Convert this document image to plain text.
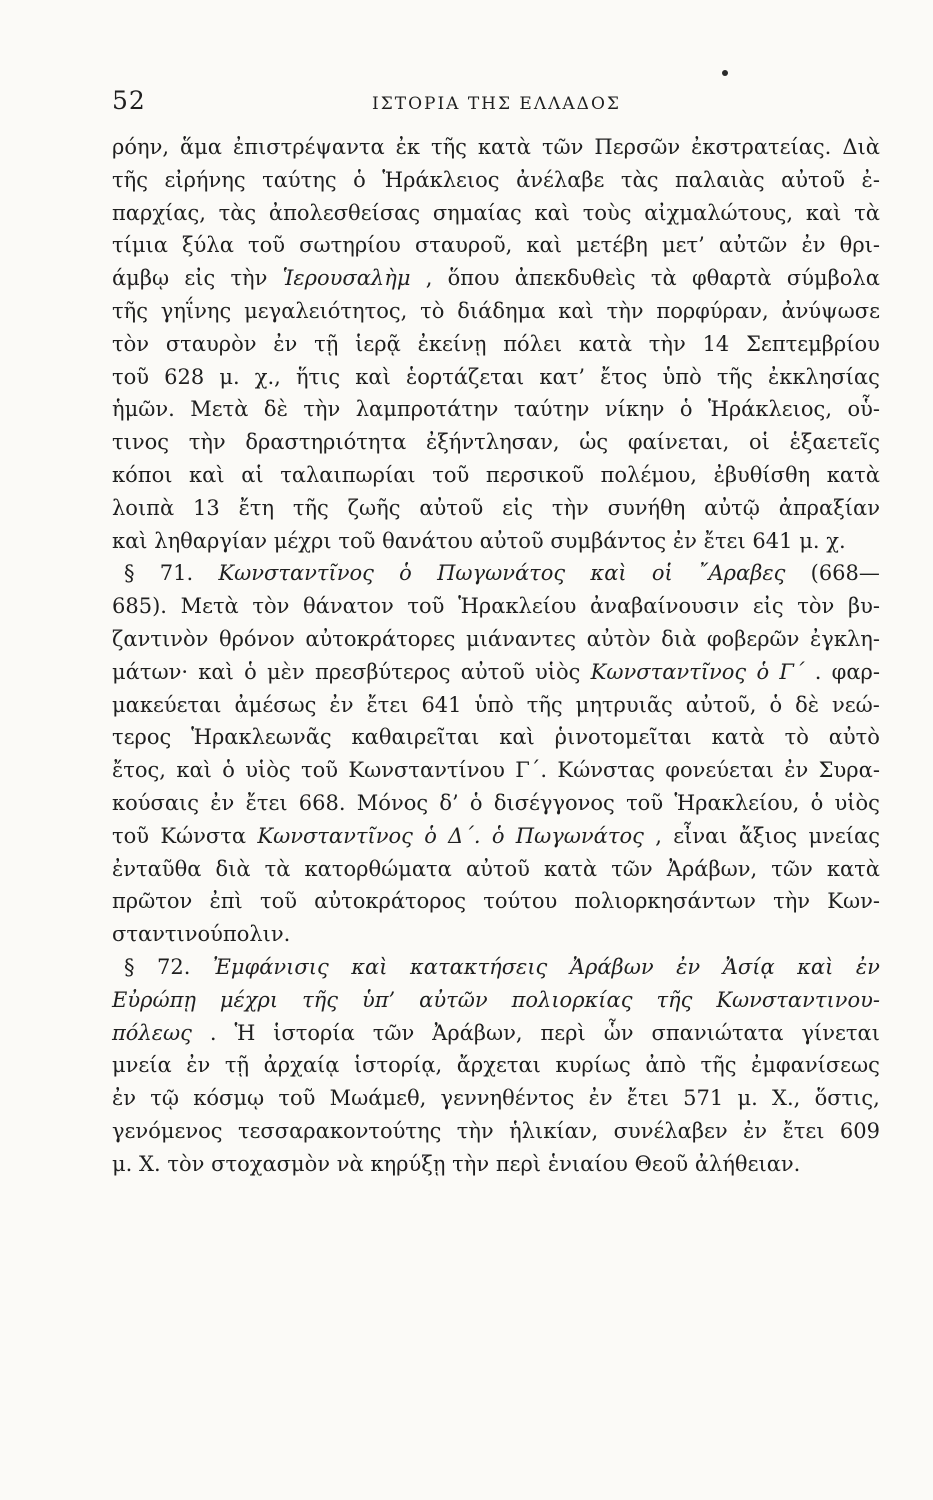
52	ΙΣΤΟΡΙΑ ΤΗΣ ΕΛΛΑΔΟΣ
ρόην, ἅμα ἐπιστρέψαντα ἐκ τῆς κατὰ τῶν Περσῶν ἐκστρατείας. Διὰ
τῆς εἰρήνης ταύτης ὁ Ἡράκλειος ἀνέλαβε τὰς παλαιὰς αὐτοῦ ἐ-
παρχίας, τὰς ἀπολεσθείσας σημαίας καὶ τοὺς αἰχμαλώτους, καὶ τὰ
τίμια ξύλα τοῦ σωτηρίου σταυροῦ, καὶ μετέβη μετ’ αὐτῶν ἐν θρι-
άμβῳ εἰς τὴν Ἱερουσαλὴμ , ὅπου ἀπεκδυθεὶς τὰ φθαρτὰ σύμβολα
τῆς γηΐνης μεγαλειότητος, τὸ διάδημα καὶ τὴν πορφύραν, ἀνύψωσε
τὸν σταυρὸν ἐν τῇ ἱερᾷ ἐκείνῃ πόλει κατὰ τὴν 14 Σεπτεμβρίου
τοῦ 628 μ. χ., ἥτις καὶ ἑορτάζεται κατ’ ἔτος ὑπὸ τῆς ἐκκλησίας
ἡμῶν. Μετὰ δὲ τὴν λαμπροτάτην ταύτην νίκην ὁ Ἡράκλειος, οὗ-
τινος τὴν δραστηριότητα ἐξήντλησαν, ὡς φαίνεται, οἱ ἑξαετεῖς
κόποι καὶ αἱ ταλαιπωρίαι τοῦ περσικοῦ πολέμου, ἐβυθίσθη κατὰ
λοιπὰ 13 ἔτη τῆς ζωῆς αὐτοῦ εἰς τὴν συνήθη αὐτῷ ἀπραξίαν
καὶ ληθαργίαν μέχρι τοῦ θανάτου αὐτοῦ συμβάντος ἐν ἔτει 641 μ. χ.
§ 71. Κωνσταντῖνος ὁ Πωγωνάτος καὶ οἱ ῎Αραβες (668—
685). Μετὰ τὸν θάνατον τοῦ Ἡρακλείου ἀναβαίνουσιν εἰς τὸν βυ-
ζαντινὸν θρόνον αὐτοκράτορες μιάναντες αὐτὸν διὰ φοβερῶν ἐγκλη-
μάτων· καὶ ὁ μὲν πρεσβύτερος αὐτοῦ υἱὸς Κωνσταντῖνος ὁ Γ΄ . φαρ-
μακεύεται ἀμέσως ἐν ἔτει 641 ὑπὸ τῆς μητρυιᾶς αὐτοῦ, ὁ δὲ νεώ-
τερος Ἡρακλεωνᾶς καθαιρεῖται καὶ ῥινοτομεῖται κατὰ τὸ αὐτὸ
ἔτος, καὶ ὁ υἱὸς τοῦ Κωνσταντίνου Γ΄. Κώνστας φονεύεται ἐν Συρα-
κούσαις ἐν ἔτει 668. Μόνος δ’ ὁ δισέγγονος τοῦ Ἡρακλείου, ὁ υἱὸς
τοῦ Κώνστα Κωνσταντῖνος ὁ Δ΄. ὁ Πωγωνάτος , εἶναι ἄξιος μνείας
ἐνταῦθα διὰ τὰ κατορθώματα αὐτοῦ κατὰ τῶν Ἀράβων, τῶν κατὰ
πρῶτον ἐπὶ τοῦ αὐτοκράτορος τούτου πολιορκησάντων τὴν Κων-
σταντινούπολιν.
§ 72. Ἐμφάνισις καὶ κατακτήσεις Ἀράβων ἐν Ἀσίᾳ καὶ ἐν
Εὐρώπῃ μέχρι τῆς ὑπ’ αὐτῶν πολιορκίας τῆς Κωνσταντινου-
πόλεως . Ἡ ἱστορία τῶν Ἀράβων, περὶ ὧν σπανιώτατα γίνεται
μνεία ἐν τῇ ἀρχαίᾳ ἱστορίᾳ, ἄρχεται κυρίως ἀπὸ τῆς ἐμφανίσεως
ἐν τῷ κόσμῳ τοῦ Μωάμεθ, γεννηθέντος ἐν ἔτει 571 μ. Χ., ὅστις,
γενόμενος τεσσαρακοντούτης τὴν ἡλικίαν, συνέλαβεν ἐν ἔτει 609
μ. Χ. τὸν στοχασμὸν νὰ κηρύξῃ τὴν περὶ ἑνιαίου Θεοῦ ἀλήθειαν.
